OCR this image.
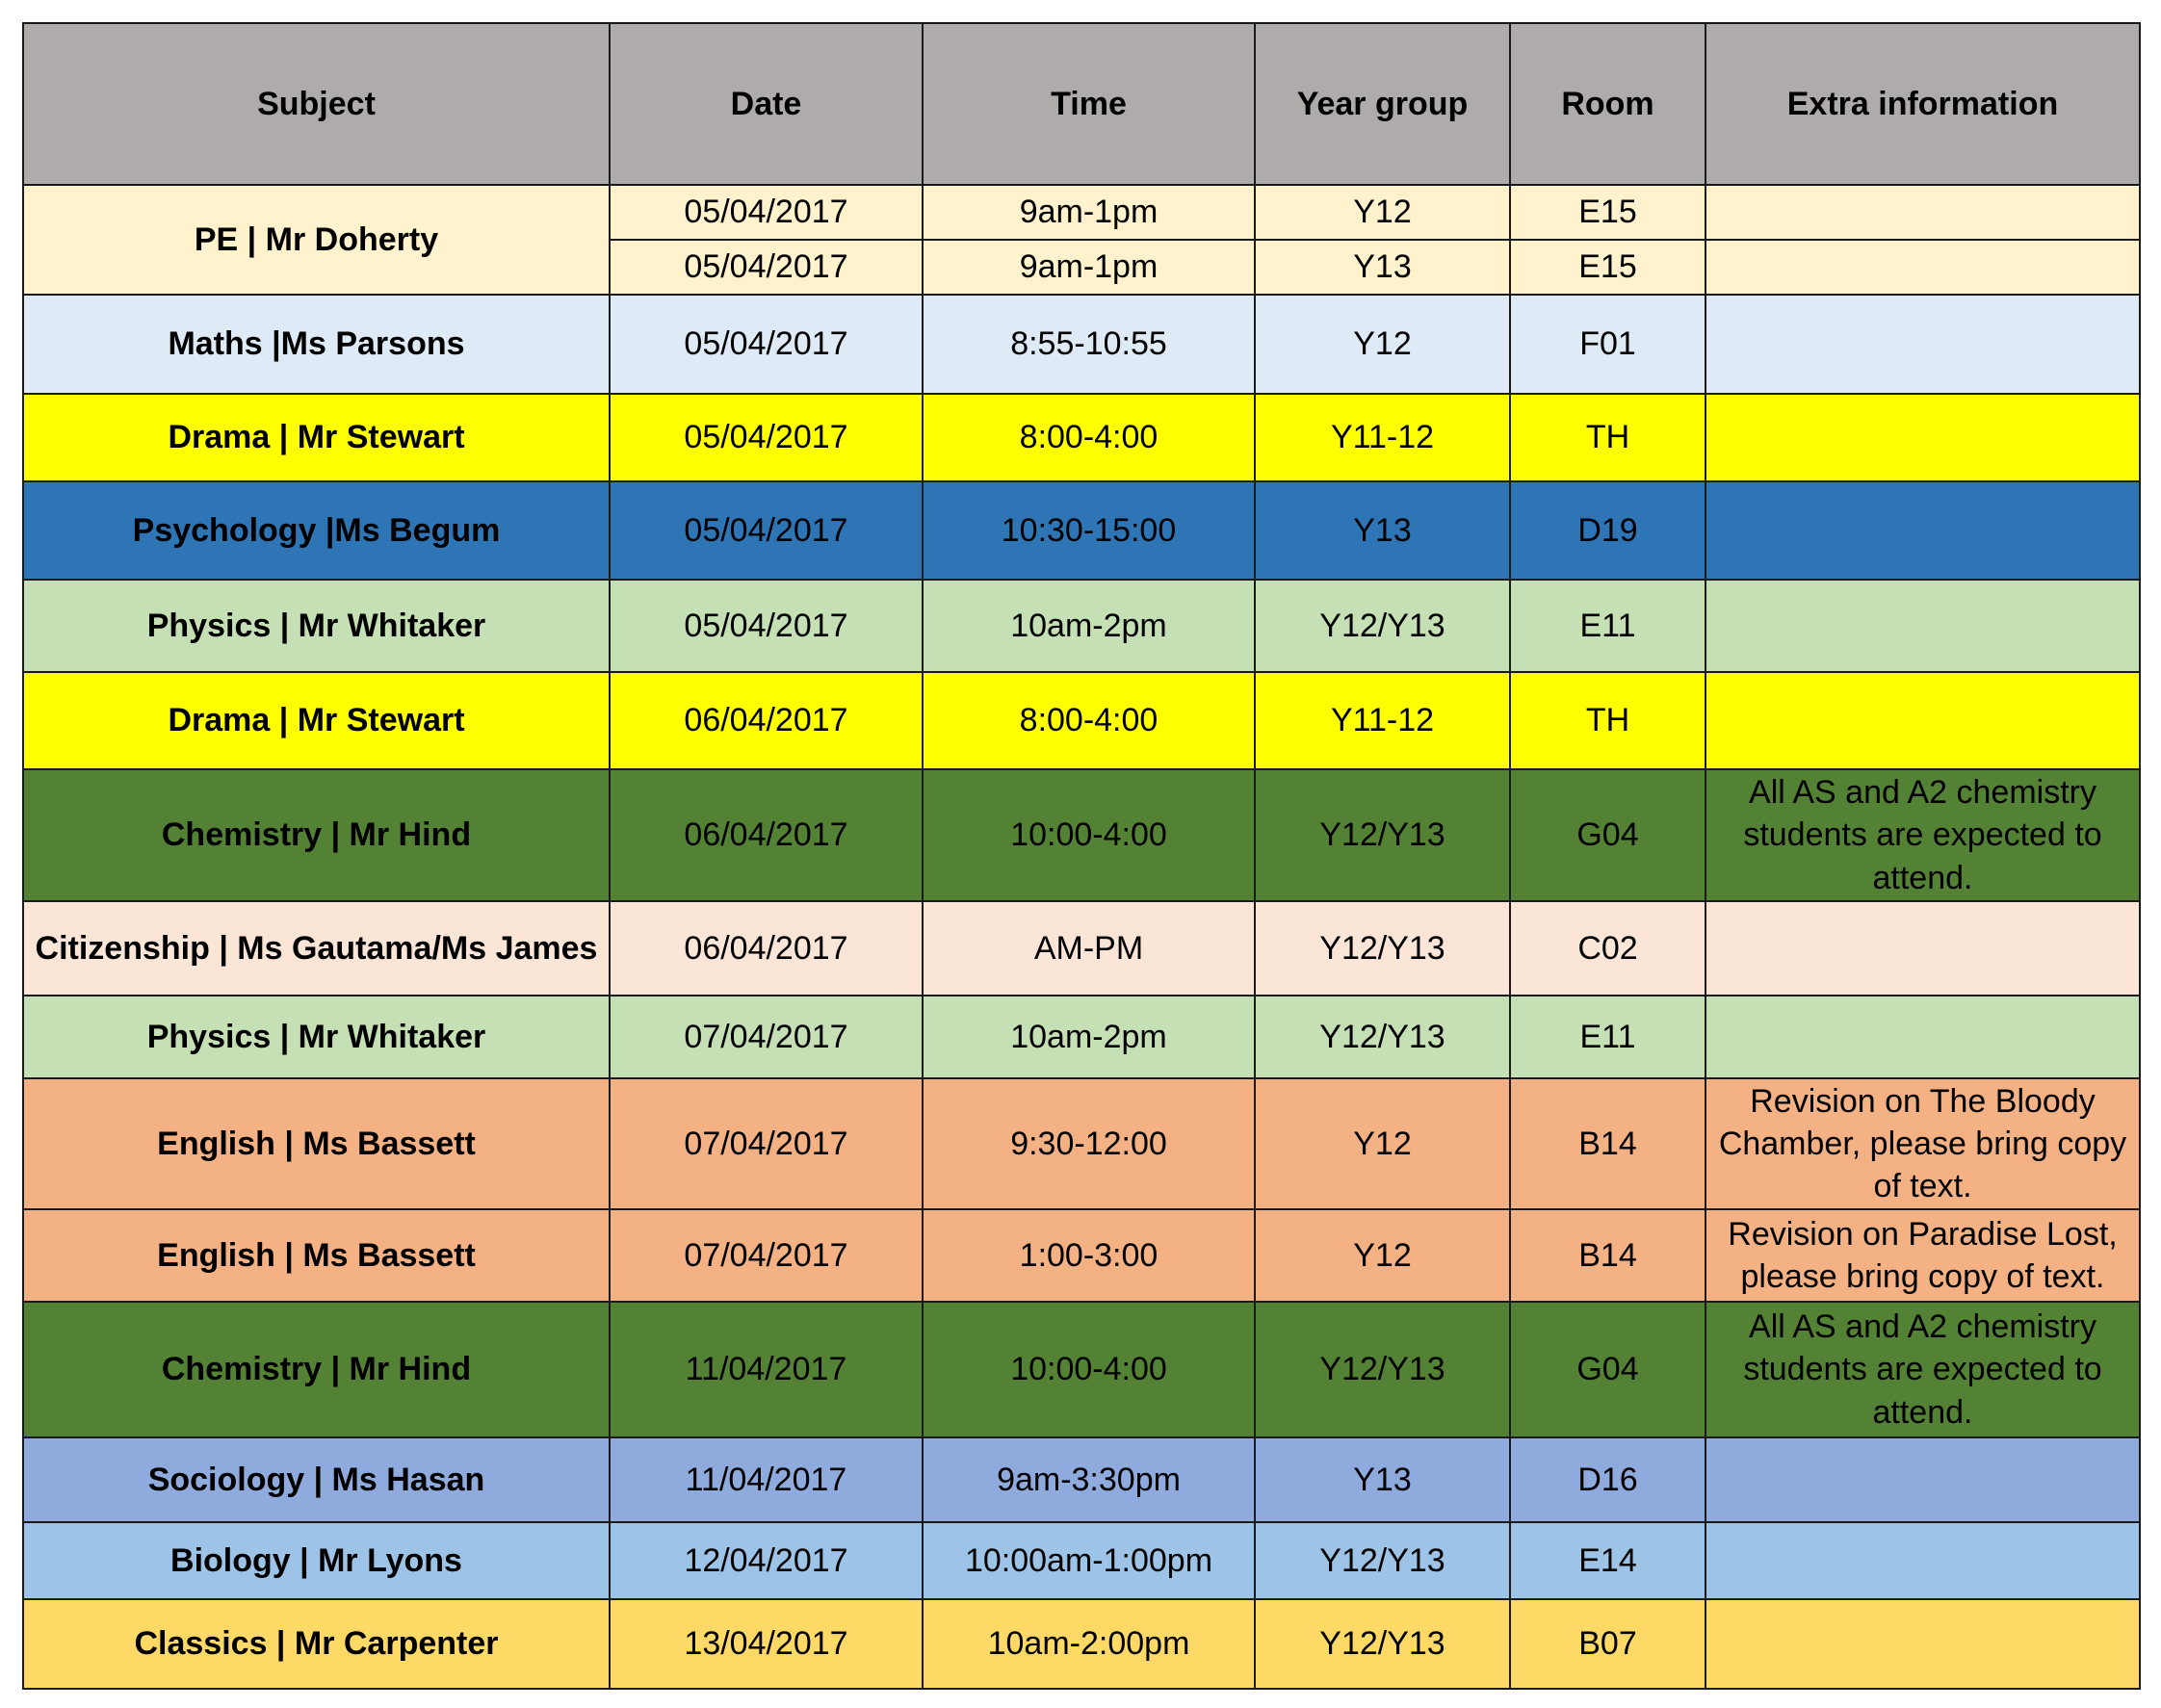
Subject	Date	Time	Year group	Room	Extra information
PE | Mr Doherty	05/04/2017	9am-1pm	Y12	E15	
	05/04/2017	9am-1pm	Y13	E15	
Maths |Ms Parsons	05/04/2017	8:55-10:55	Y12	F01	
Drama | Mr Stewart	05/04/2017	8:00-4:00	Y11-12	TH	
Psychology |Ms Begum	05/04/2017	10:30-15:00	Y13	D19	
Physics | Mr Whitaker	05/04/2017	10am-2pm	Y12/Y13	E11	
Drama | Mr Stewart	06/04/2017	8:00-4:00	Y11-12	TH	
Chemistry | Mr Hind	06/04/2017	10:00-4:00	Y12/Y13	G04	All AS and A2 chemistry students are expected to attend.
Citizenship | Ms Gautama/Ms James	06/04/2017	AM-PM	Y12/Y13	C02	
Physics | Mr Whitaker	07/04/2017	10am-2pm	Y12/Y13	E11	
English | Ms Bassett	07/04/2017	9:30-12:00	Y12	B14	Revision on The Bloody Chamber, please bring copy of text.
English | Ms Bassett	07/04/2017	1:00-3:00	Y12	B14	Revision on Paradise Lost, please bring copy of text.
Chemistry | Mr Hind	11/04/2017	10:00-4:00	Y12/Y13	G04	All AS and A2 chemistry students are expected to attend.
Sociology | Ms Hasan	11/04/2017	9am-3:30pm	Y13	D16	
Biology | Mr Lyons	12/04/2017	10:00am-1:00pm	Y12/Y13	E14	
Classics | Mr Carpenter	13/04/2017	10am-2:00pm	Y12/Y13	B07	
